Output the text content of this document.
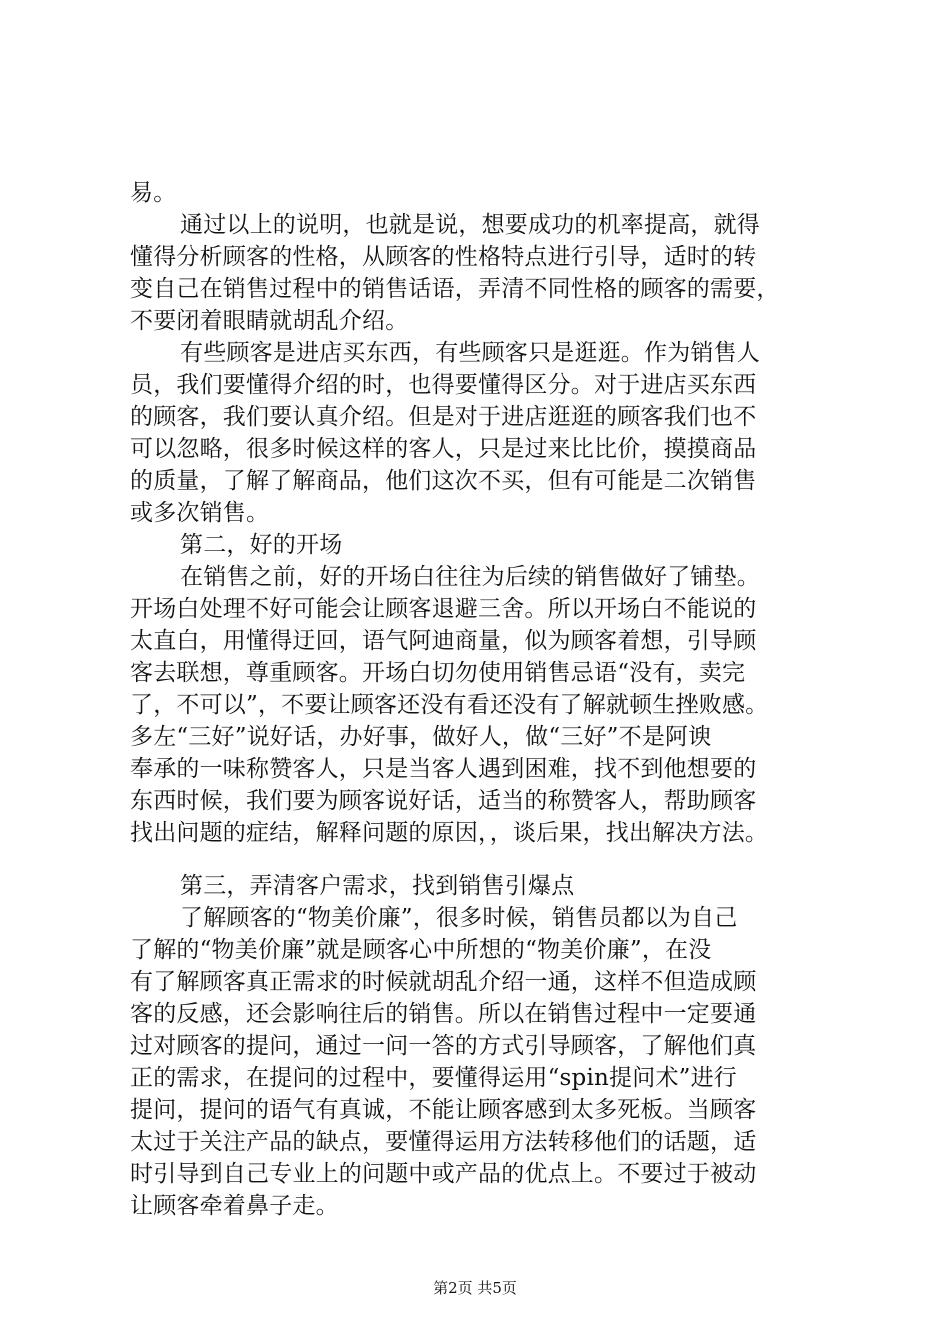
易。
通过以上的说明，也就是说，想要成功的机率提高，就得
懂得分析顾客的性格，从顾客的性格特点进行引导，适时的转
变自己在销售过程中的销售话语，弄清不同性格的顾客的需要，
不要闭着眼睛就胡乱介绍。
有些顾客是进店买东西，有些顾客只是逛逛。作为销售人
员，我们要懂得介绍的时，也得要懂得区分。对于进店买东西
的顾客，我们要认真介绍。但是对于进店逛逛的顾客我们也不
可以忽略，很多时候这样的客人，只是过来比比价，摸摸商品
的质量，了解了解商品，他们这次不买，但有可能是二次销售
或多次销售。
第二，好的开场
在销售之前，好的开场白往往为后续的销售做好了铺垫。
开场白处理不好可能会让顾客退避三舍。所以开场白不能说的
太直白，用懂得迂回，语气阿迪商量，似为顾客着想，引导顾
客去联想，尊重顾客。开场白切勿使用销售忌语“没有，卖完
了，不可以”，不要让顾客还没有看还没有了解就顿生挫败感。
多左“三好”说好话，办好事，做好人，做“三好”不是阿谀
奉承的一味称赞客人，只是当客人遇到困难，找不到他想要的
东西时候，我们要为顾客说好话，适当的称赞客人，帮助顾客
找出问题的症结，解释问题的原因，，谈后果，找出解决方法。
第三，弄清客户需求，找到销售引爆点
了解顾客的“物美价廉”，很多时候，销售员都以为自己
了解的“物美价廉”就是顾客心中所想的“物美价廉”，在没
有了解顾客真正需求的时候就胡乱介绍一通，这样不但造成顾
客的反感，还会影响往后的销售。所以在销售过程中一定要通
过对顾客的提问，通过一问一答的方式引导顾客，了解他们真
正的需求，在提问的过程中，要懂得运用“spin提问术”进行
提问，提问的语气有真诚，不能让顾客感到太多死板。当顾客
太过于关注产品的缺点，要懂得运用方法转移他们的话题，适
时引导到自己专业上的问题中或产品的优点上。不要过于被动
让顾客牵着鼻子走。
第2页 共5页
